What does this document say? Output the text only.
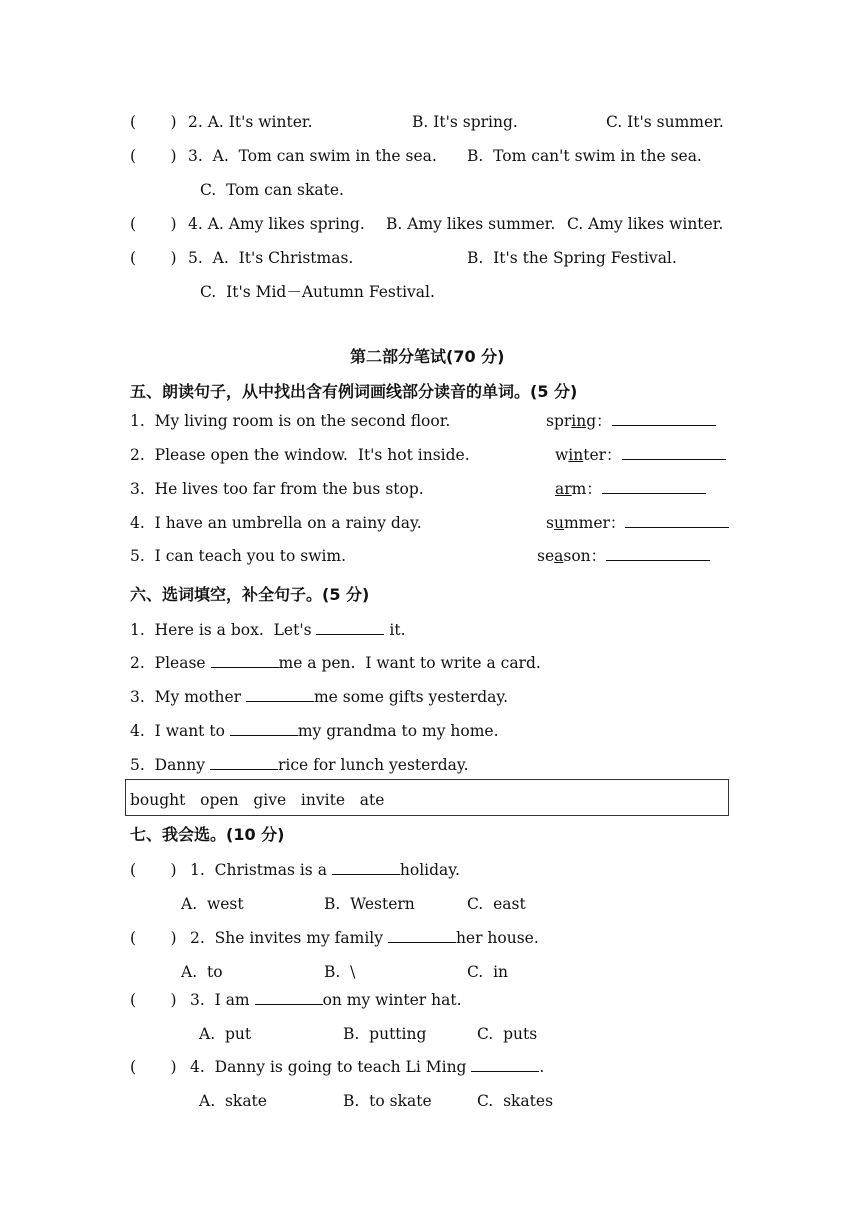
(       ) 2. A. It's winter.	B. It's spring.	C. It's summer.
(       ) 3.  A.  Tom can swim in the sea. B.  Tom can't swim in the sea.
C.  Tom can skate.
(       ) 4. A. Amy likes spring. B. Amy likes summer. C. Amy likes winter.
(       ) 5.  A.  It's Christmas.	B.  It's the Spring Festival.
C.  It's Mid－Autumn Festival.
第二部分笔试(70 分)
五、朗读句子，从中找出含有例词画线部分读音的单词。(5 分)
1.  My living room is on the second floor.	spring：
2.  Please open the window.  It's hot inside.	winter：
3.  He lives too far from the bus stop.	arm：
4.  I have an umbrella on a rainy day.	summer：
5.  I can teach you to swim.	season：
六、选词填空，补全句子。(5 分)
1.  Here is a box.  Let's	it.
2.  Please	me a pen.  I want to write a card.
3.  My mother	me some gifts yesterday.
4.  I want to	my grandma to my home.
5.  Danny	rice for lunch yesterday.
bought   open   give   invite   ate
七、我会选。(10 分)
(       ) 1.  Christmas is a	holiday.
A.  west	B.  Western	C.  east
(       ) 2.  She invites my family	her house.
A.  to	B.  \	C.  in
(       ) 3.  I am	on my winter hat.
A.  put	B.  putting	C.  puts
(       ) 4.  Danny is going to teach Li Ming	.
A.  skate	B.  to skate	C.  skates
